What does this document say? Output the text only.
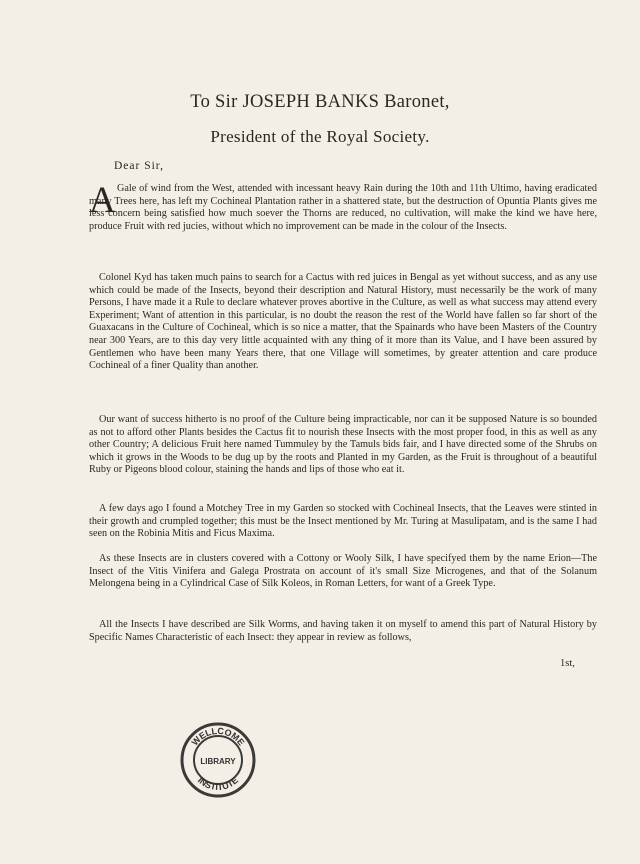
To Sir JOSEPH BANKS Baronet,
President of the Royal Society.
Dear Sir,
A Gale of wind from the West, attended with incessant heavy Rain during the 10th and 11th Ultimo, having eradicated many Trees here, has left my Cochineal Plantation rather in a shattered state, but the destruction of Opuntia Plants gives me less concern being satisfied how much soever the Thorns are reduced, no cultivation, will make the kind we have here, produce Fruit with red jucies, without which no improvement can be made in the colour of the Insects.
Colonel Kyd has taken much pains to search for a Cactus with red juices in Bengal as yet without success, and as any use which could be made of the Insects, beyond their description and Natural History, must necessarily be the work of many Persons, I have made it a Rule to declare whatever proves abortive in the Culture, as well as what success may attend every Experiment; Want of attention in this particular, is no doubt the reason the rest of the World have fallen so far short of the Guaxacans in the Culture of Cochineal, which is so nice a matter, that the Spainards who have been Masters of the Country near 300 Years, are to this day very little acquainted with any thing of it more than its Value, and I have been assured by Gentlemen who have been many Years there, that one Village will sometimes, by greater attention and care produce Cochineal of a finer Quality than another.
Our want of success hitherto is no proof of the Culture being impracticable, nor can it be supposed Nature is so bounded as not to afford other Plants besides the Cactus fit to nourish these Insects with the most proper food, in this as well as any other Country; A delicious Fruit here named Tummuley by the Tamuls bids fair, and I have directed some of the Shrubs on which it grows in the Woods to be dug up by the roots and Planted in my Garden, as the Fruit is throughout of a beautiful Ruby or Pigeons blood colour, staining the hands and lips of those who eat it.
A few days ago I found a Motchey Tree in my Garden so stocked with Cochineal Insects, that the Leaves were stinted in their growth and crumpled together; this must be the Insect mentioned by Mr. Turing at Masulipatam, and is the same I had seen on the Robinia Mitis and Ficus Maxima.
As these Insects are in clusters covered with a Cottony or Wooly Silk, I have specifyed them by the name Erion—The Insect of the Vitis Vinifera and Galega Prostrata on account of it's small Size Microgenes, and that of the Solanum Melongena being in a Cylindrical Case of Silk Koleos, in Roman Letters, for want of a Greek Type.
All the Insects I have described are Silk Worms, and having taken it on myself to amend this part of Natural History by Specific Names Characteristic of each Insect: they appear in review as follows,
1st,
WELLCOME
LIBRARY
INSTITUTE
